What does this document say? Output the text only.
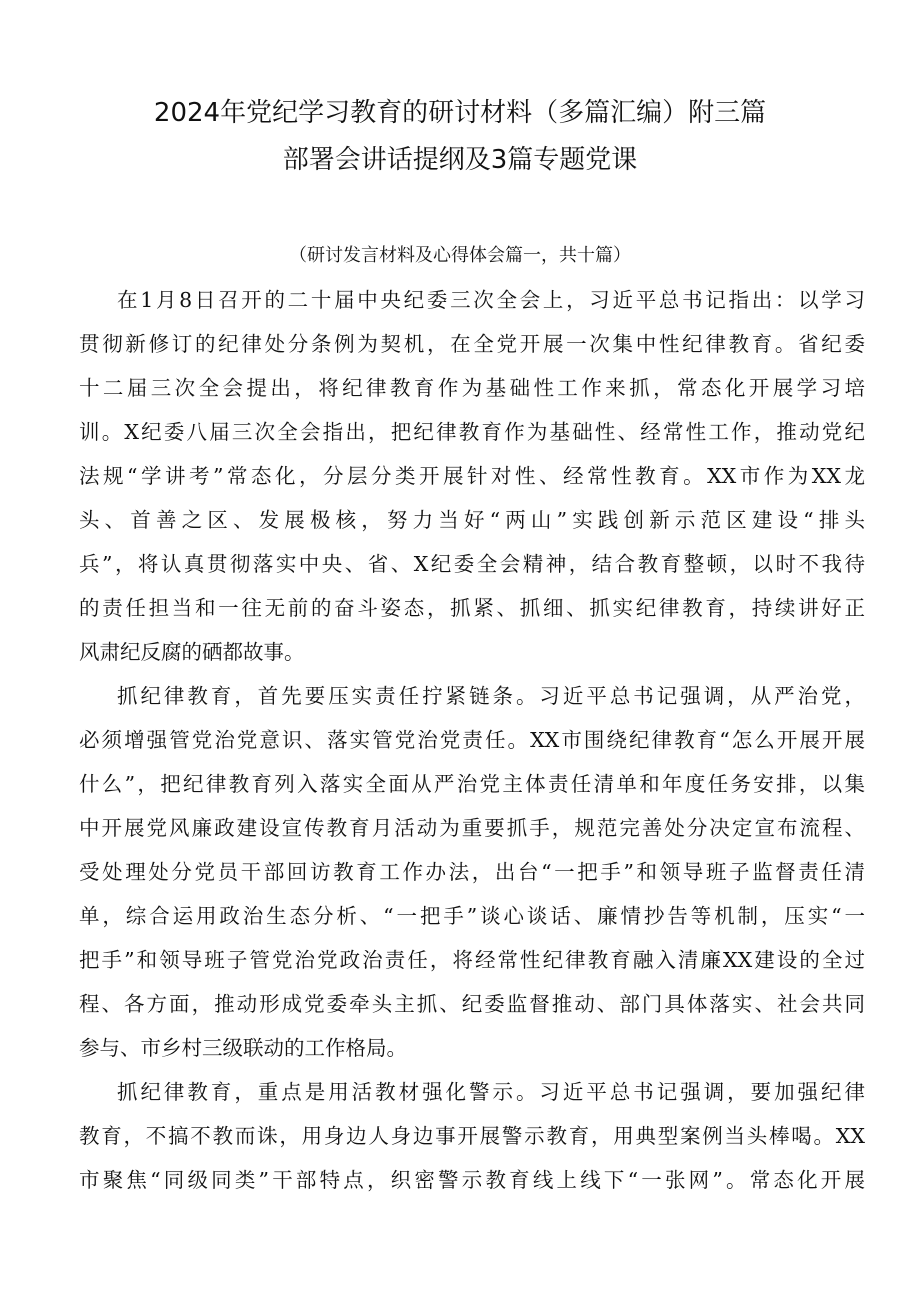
2024年党纪学习教育的研讨材料（多篇汇编）附三篇
部署会讲话提纲及3篇专题党课
（研讨发言材料及心得体会篇一，共十篇）
在1月8日召开的二十届中央纪委三次全会上，习近平总书记指出：以学习
贯彻新修订的纪律处分条例为契机，在全党开展一次集中性纪律教育。省纪委
十二届三次全会提出，将纪律教育作为基础性工作来抓，常态化开展学习培
训。X纪委八届三次全会指出，把纪律教育作为基础性、经常性工作，推动党纪
法规“学讲考”常态化，分层分类开展针对性、经常性教育。XX市作为XX龙
头、首善之区、发展极核，努力当好“两山”实践创新示范区建设“排头
兵”，将认真贯彻落实中央、省、X纪委全会精神，结合教育整顿，以时不我待
的责任担当和一往无前的奋斗姿态，抓紧、抓细、抓实纪律教育，持续讲好正
风肃纪反腐的硒都故事。
抓纪律教育，首先要压实责任拧紧链条。习近平总书记强调，从严治党，
必须增强管党治党意识、落实管党治党责任。XX市围绕纪律教育“怎么开展开展
什么”，把纪律教育列入落实全面从严治党主体责任清单和年度任务安排，以集
中开展党风廉政建设宣传教育月活动为重要抓手，规范完善处分决定宣布流程、
受处理处分党员干部回访教育工作办法，出台“一把手”和领导班子监督责任清
单，综合运用政治生态分析、“一把手”谈心谈话、廉情抄告等机制，压实“一
把手”和领导班子管党治党政治责任，将经常性纪律教育融入清廉XX建设的全过
程、各方面，推动形成党委牵头主抓、纪委监督推动、部门具体落实、社会共同
参与、市乡村三级联动的工作格局。
抓纪律教育，重点是用活教材强化警示。习近平总书记强调，要加强纪律
教育，不搞不教而诛，用身边人身边事开展警示教育，用典型案例当头棒喝。XX
市聚焦“同级同类”干部特点，织密警示教育线上线下“一张网”。常态化开展
